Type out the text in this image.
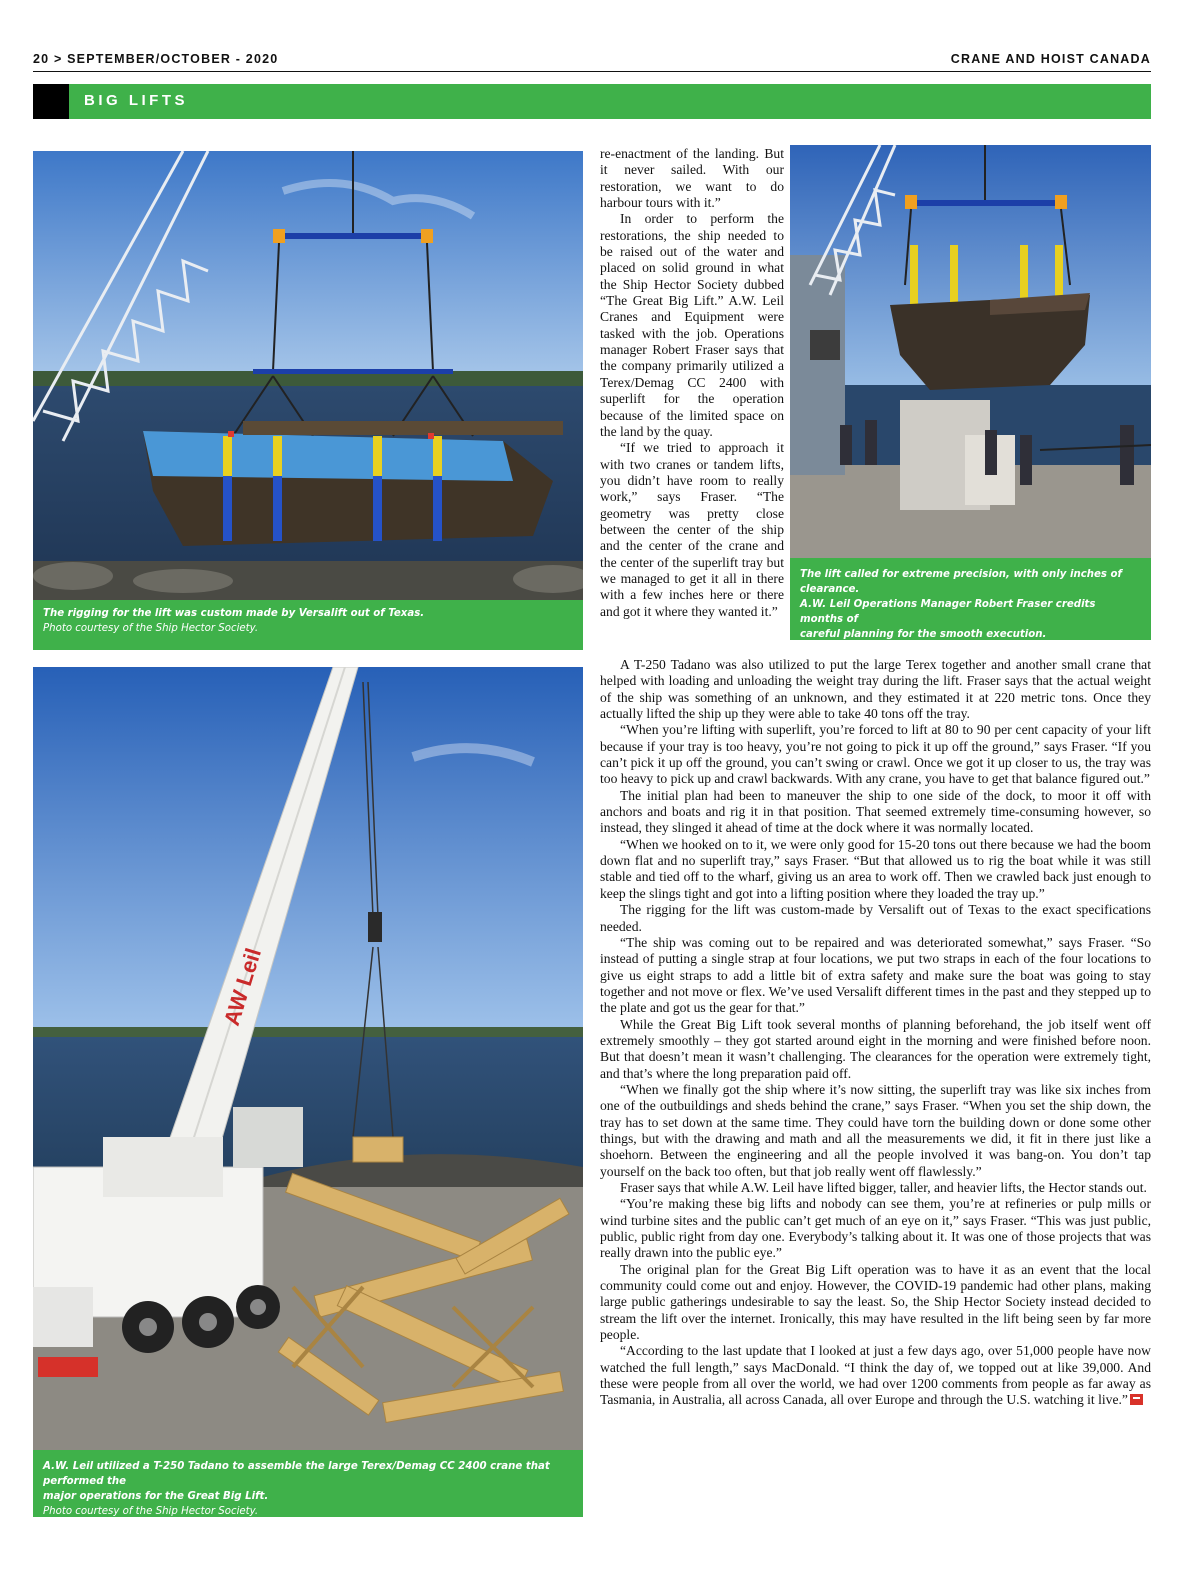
20 > SEPTEMBER/OCTOBER - 2020	CRANE AND HOIST CANADA
BIG LIFTS
The rigging for the lift was custom made by Versalift out of Texas.
Photo courtesy of the Ship Hector Society.
The lift called for extreme precision, with only inches of clearance.
A.W. Leil Operations Manager Robert Fraser credits months of
careful planning for the smooth execution.
Photo courtesy of the Ship Hector Society.
AW Leil
A.W. Leil utilized a T-250 Tadano to assemble the large Terex/Demag CC 2400 crane that performed the
major operations for the Great Big Lift.
Photo courtesy of the Ship Hector Society.

re-enactment of the landing. But it never sailed. With our restoration, we want to do harbour tours with it.”

In order to perform the restorations, the ship needed to be raised out of the water and placed on solid ground in what the Ship Hector Society dubbed “The Great Big Lift.” A.W. Leil Cranes and Equipment were tasked with the job. Operations manager Robert Fraser says that the company primarily utilized a Terex/Demag CC 2400 with superlift for the operation because of the limited space on the land by the quay.

“If we tried to approach it with two cranes or tandem lifts, you didn’t have room to really work,” says Fraser. “The geometry was pretty close between the center of the ship and the center of the crane and the center of the superlift tray but we managed to get it all in there with a few inches here or there and got it where they wanted it.”

A T-250 Tadano was also utilized to put the large Terex together and another small crane that helped with loading and unloading the weight tray during the lift. Fraser says that the actual weight of the ship was something of an unknown, and they estimated it at 220 metric tons. Once they actually lifted the ship up they were able to take 40 tons off the tray.

“When you’re lifting with superlift, you’re forced to lift at 80 to 90 per cent capacity of your lift because if your tray is too heavy, you’re not going to pick it up off the ground,” says Fraser. “If you can’t pick it up off the ground, you can’t swing or crawl. Once we got it up closer to us, the tray was too heavy to pick up and crawl backwards. With any crane, you have to get that balance figured out.”

The initial plan had been to maneuver the ship to one side of the dock, to moor it off with anchors and boats and rig it in that position. That seemed extremely time-consuming however, so instead, they slinged it ahead of time at the dock where it was normally located.

“When we hooked on to it, we were only good for 15-20 tons out there because we had the boom down flat and no superlift tray,” says Fraser. “But that allowed us to rig the boat while it was still stable and tied off to the wharf, giving us an area to work off. Then we crawled back just enough to keep the slings tight and got into a lifting position where they loaded the tray up.”

The rigging for the lift was custom-made by Versalift out of Texas to the exact specifications needed.

“The ship was coming out to be repaired and was deteriorated somewhat,” says Fraser. “So instead of putting a single strap at four locations, we put two straps in each of the four locations to give us eight straps to add a little bit of extra safety and make sure the boat was going to stay together and not move or flex. We’ve used Versalift different times in the past and they stepped up to the plate and got us the gear for that.”

While the Great Big Lift took several months of planning beforehand, the job itself went off extremely smoothly – they got started around eight in the morning and were finished before noon. But that doesn’t mean it wasn’t challenging. The clearances for the operation were extremely tight, and that’s where the long preparation paid off.

“When we finally got the ship where it’s now sitting, the superlift tray was like six inches from one of the outbuildings and sheds behind the crane,” says Fraser. “When you set the ship down, the tray has to set down at the same time. They could have torn the building down or done some other things, but with the drawing and math and all the measurements we did, it fit in there just like a shoehorn. Between the engineering and all the people involved it was bang-on. You don’t tap yourself on the back too often, but that job really went off flawlessly.”

Fraser says that while A.W. Leil have lifted bigger, taller, and heavier lifts, the Hector stands out.

“You’re making these big lifts and nobody can see them, you’re at refineries or pulp mills or wind turbine sites and the public can’t get much of an eye on it,” says Fraser. “This was just public, public, public right from day one. Everybody’s talking about it. It was one of those projects that was really drawn into the public eye.”

The original plan for the Great Big Lift operation was to have it as an event that the local community could come out and enjoy. However, the COVID-19 pandemic had other plans, making large public gatherings undesirable to say the least. So, the Ship Hector Society instead decided to stream the lift over the internet. Ironically, this may have resulted in the lift being seen by far more people.

“According to the last update that I looked at just a few days ago, over 51,000 people have now watched the full length,” says MacDonald. “I think the day of, we topped out at like 39,000. And these were people from all over the world, we had over 1200 comments from people as far away as Tasmania, in Australia, all across Canada, all over Europe and through the U.S. watching it live.”
